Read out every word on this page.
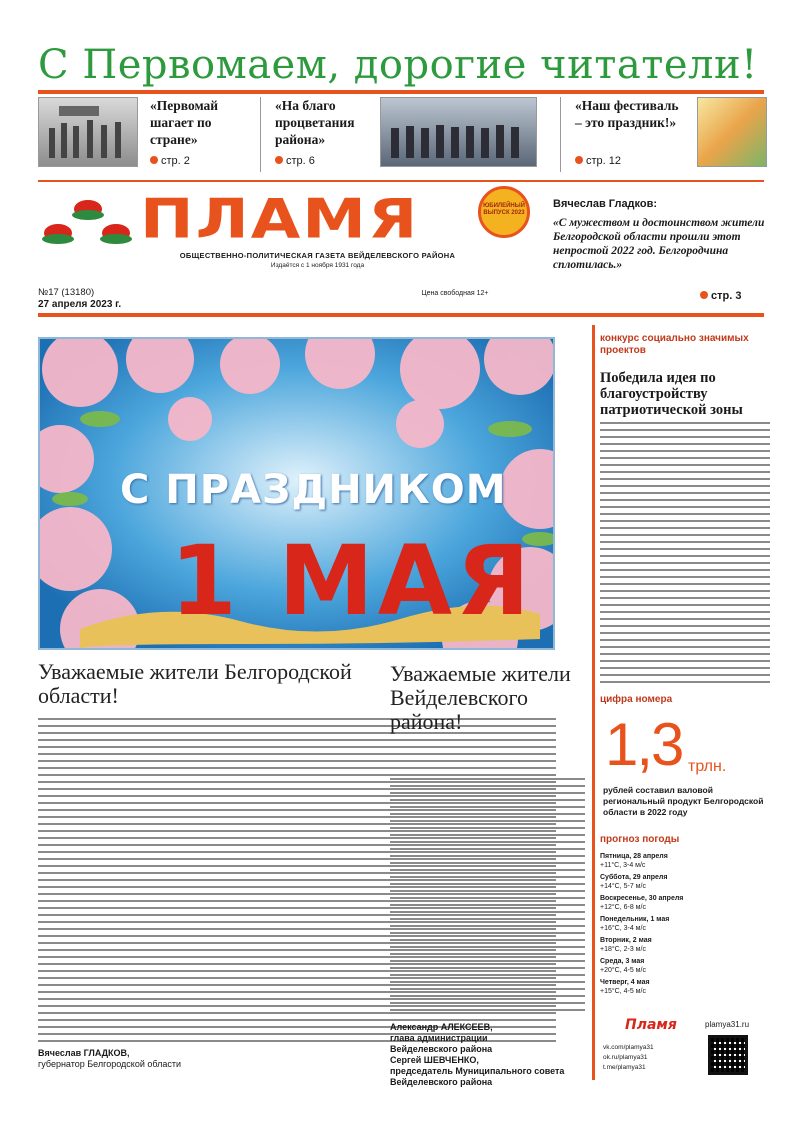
С Первомаем, дорогие читатели!
«Первомай шагает по стране»
стр. 2
«На благо процветания района»
стр. 6
«Наш фестиваль – это праздник!»
стр. 12
ПЛАМЯ	ЮБИЛЕЙНЫЙ ВЫПУСК 2023
ОБЩЕСТВЕННО-ПОЛИТИЧЕСКАЯ ГАЗЕТА ВЕЙДЕЛЕВСКОГО РАЙОНА
Издаётся с 1 ноября 1931 года
Вячеслав Гладков:
«С мужеством и достоинством жители Белгородской области прошли этот непростой 2022 год. Белгородчина сплотилась.»
№17 (13180)
27 апреля 2023 г.
Цена свободная 12+	стр. 3
С ПРАЗДНИКОМ
1 МАЯ
Уважаемые жители Белгородской области!
Вячеслав ГЛАДКОВ,
губернатор Белгородской области
Уважаемые жители Вейделевского района!
Александр АЛЕКСЕЕВ,
глава администрации
Вейделевского района
Сергей ШЕВЧЕНКО,
председатель Муниципального совета
Вейделевского района
конкурс социально значимых проектов
Победила идея по благоустройству патриотической зоны
цифра номера
1,3 трлн.
рублей составил валовой региональный продукт Белгородской области в 2022 году
прогноз погоды
Пятница, 28 апреля
+11°C, 3-4 м/с
Суббота, 29 апреля
+14°C, 5-7 м/с
Воскресенье, 30 апреля
+12°C, 6-8 м/с
Понедельник, 1 мая
+16°C, 3-4 м/с
Вторник, 2 мая
+18°C, 2-3 м/с
Среда, 3 мая
+20°C, 4-5 м/с
Четверг, 4 мая
+15°C, 4-5 м/с
Пламя	plamya31.ru
vk.com/plamya31
ok.ru/plamya31
t.me/plamya31
